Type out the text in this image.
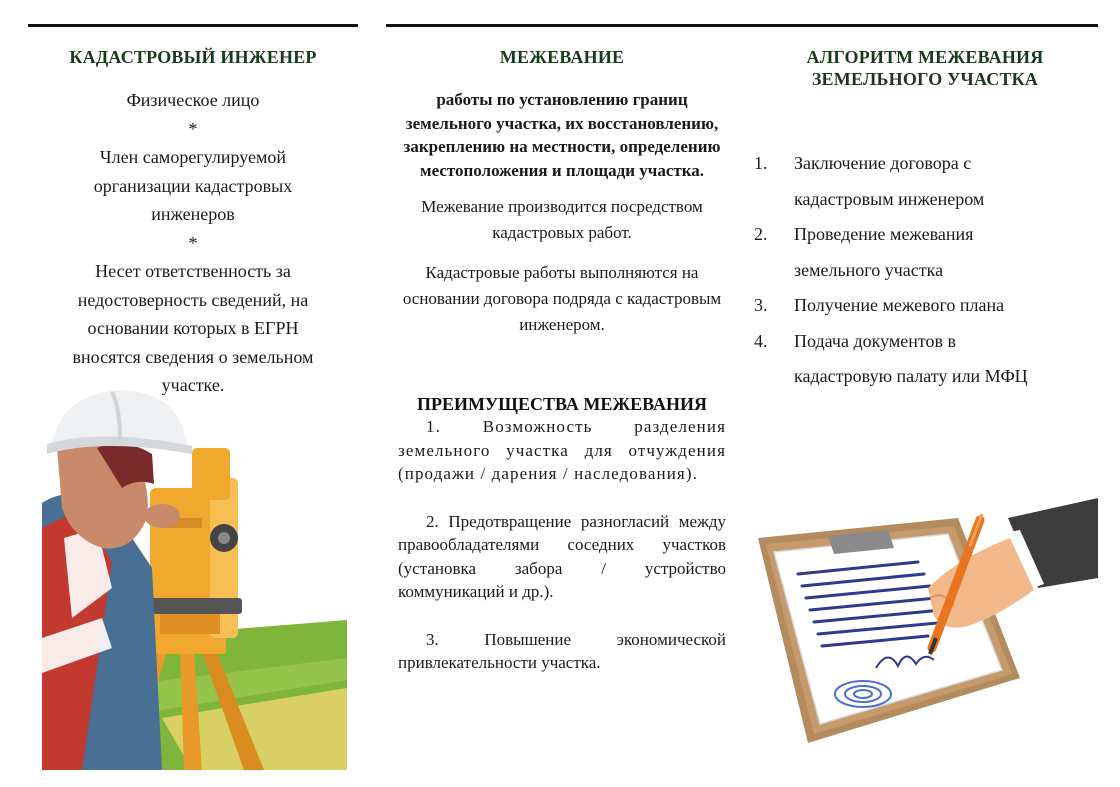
КАДАСТРОВЫЙ ИНЖЕНЕР

Физическое лицо

*

Член саморегулируемой

организации кадастровых

инженеров

*

Несет ответственность за

недостоверность сведений, на

основании которых в ЕГРН

вносятся сведения о земельном

участке.

МЕЖЕВАНИЕ

работы по установлению границ земельного участка, их восстановлению, закреплению на местности, определению местоположения и площади участка.

Межевание производится посредством кадастровых работ.

Кадастровые работы выполняются на основании договора подряда с кадастровым инженером.

ПРЕИМУЩЕСТВА МЕЖЕВАНИЯ

1. Возможность разделения земельного участка для отчуждения (продажи / дарения / наследования).

2. Предотвращение разногласий между правообладателями соседних участков (установка забора / устройство коммуникаций и др.).

3. Повышение экономической привлекательности участка.

АЛГОРИТМ МЕЖЕВАНИЯ
ЗЕМЕЛЬНОГО УЧАСТКА
1. Заключение договора с
кадастровым инженером
2. Проведение межевания
земельного участка
3. Получение межевого плана
4. Подача документов в
кадастровую палату или МФЦ
